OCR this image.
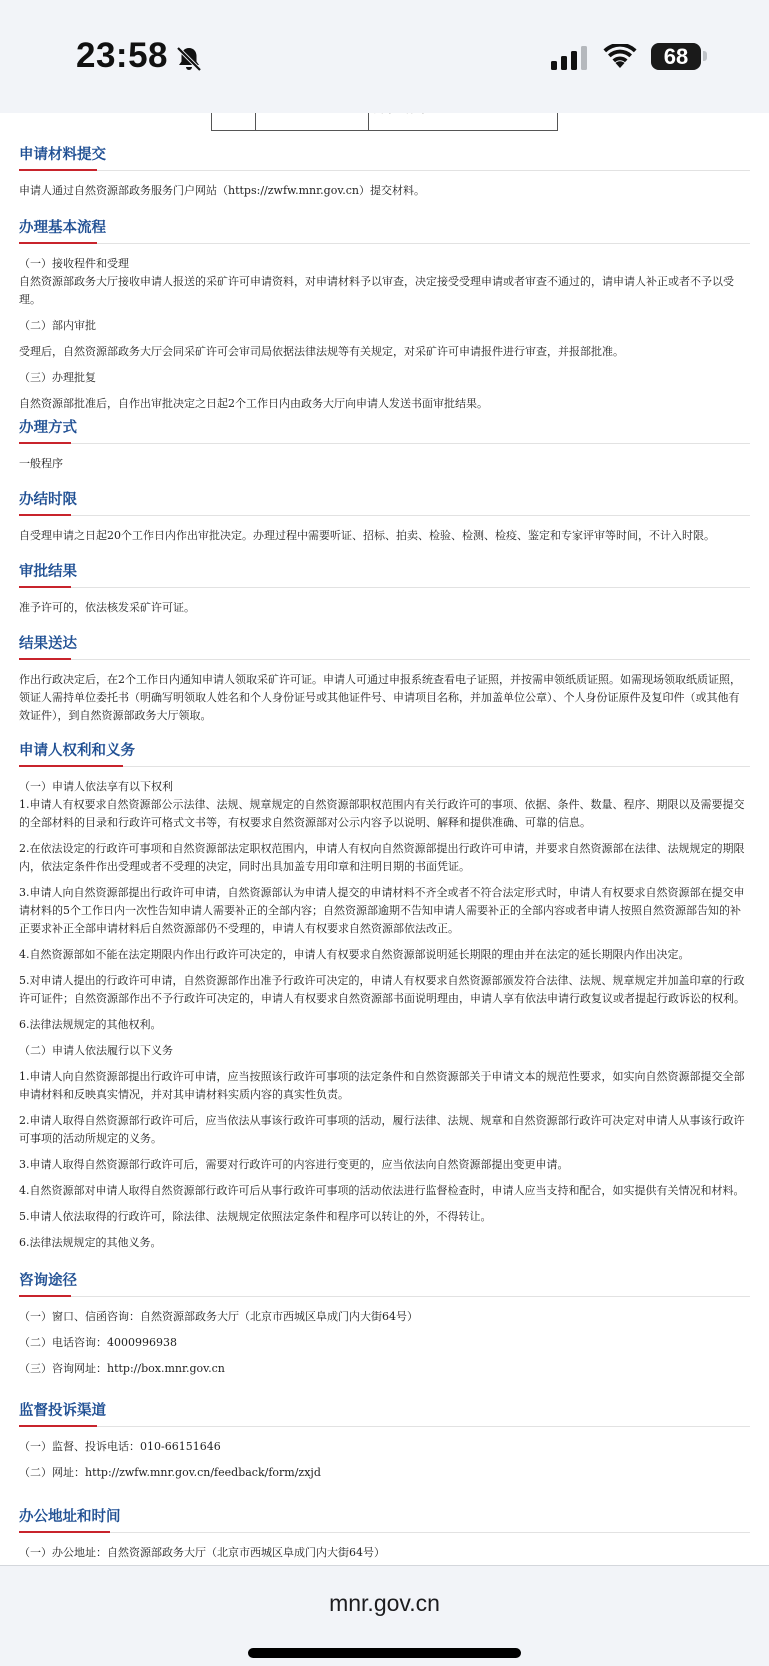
申请材料提交

申请人通过自然资源部政务服务门户网站（https://zwfw.mnr.gov.cn）提交材料。

办理基本流程

（一）接收程件和受理

自然资源部政务大厅接收申请人报送的采矿许可申请资料，对申请材料予以审查，决定接受受理申请或者审查不通过的，请申请人补正或者不予以受理。

（二）部内审批

受理后，自然资源部政务大厅会同采矿许可会审司局依据法律法规等有关规定，对采矿许可申请报件进行审查，并报部批准。

（三）办理批复

自然资源部批准后，自作出审批决定之日起2个工作日内由政务大厅向申请人发送书面审批结果。

办理方式

一般程序

办结时限

自受理申请之日起20个工作日内作出审批决定。办理过程中需要听证、招标、拍卖、检验、检测、检疫、鉴定和专家评审等时间，不计入时限。

审批结果

准予许可的，依法核发采矿许可证。

结果送达

作出行政决定后，在2个工作日内通知申请人领取采矿许可证。申请人可通过申报系统查看电子证照，并按需申领纸质证照。如需现场领取纸质证照，领证人需持单位委托书（明确写明领取人姓名和个人身份证号或其他证件号、申请项目名称，并加盖单位公章）、个人身份证原件及复印件（或其他有效证件），到自然资源部政务大厅领取。

申请人权利和义务

（一）申请人依法享有以下权利

1.申请人有权要求自然资源部公示法律、法规、规章规定的自然资源部职权范围内有关行政许可的事项、依据、条件、数量、程序、期限以及需要提交的全部材料的目录和行政许可格式文书等，有权要求自然资源部对公示内容予以说明、解释和提供准确、可靠的信息。

2.在依法设定的行政许可事项和自然资源部法定职权范围内，申请人有权向自然资源部提出行政许可申请，并要求自然资源部在法律、法规规定的期限内，依法定条件作出受理或者不受理的决定，同时出具加盖专用印章和注明日期的书面凭证。

3.申请人向自然资源部提出行政许可申请，自然资源部认为申请人提交的申请材料不齐全或者不符合法定形式时，申请人有权要求自然资源部在提交申请材料的5个工作日内一次性告知申请人需要补正的全部内容；自然资源部逾期不告知申请人需要补正的全部内容或者申请人按照自然资源部告知的补正要求补正全部申请材料后自然资源部仍不受理的，申请人有权要求自然资源部依法改正。

4.自然资源部如不能在法定期限内作出行政许可决定的，申请人有权要求自然资源部说明延长期限的理由并在法定的延长期限内作出决定。

5.对申请人提出的行政许可申请，自然资源部作出准予行政许可决定的，申请人有权要求自然资源部颁发符合法律、法规、规章规定并加盖印章的行政许可证件；自然资源部作出不予行政许可决定的，申请人有权要求自然资源部书面说明理由，申请人享有依法申请行政复议或者提起行政诉讼的权利。

6.法律法规规定的其他权利。

（二）申请人依法履行以下义务

1.申请人向自然资源部提出行政许可申请，应当按照该行政许可事项的法定条件和自然资源部关于申请文本的规范性要求，如实向自然资源部提交全部申请材料和反映真实情况，并对其申请材料实质内容的真实性负责。

2.申请人取得自然资源部行政许可后，应当依法从事该行政许可事项的活动，履行法律、法规、规章和自然资源部行政许可决定对申请人从事该行政许可事项的活动所规定的义务。

3.申请人取得自然资源部行政许可后，需要对行政许可的内容进行变更的，应当依法向自然资源部提出变更申请。

4.自然资源部对申请人取得自然资源部行政许可后从事行政许可事项的活动依法进行监督检查时，申请人应当支持和配合，如实提供有关情况和材料。

5.申请人依法取得的行政许可，除法律、法规规定依照法定条件和程序可以转让的外，不得转让。

6.法律法规规定的其他义务。

咨询途径

（一）窗口、信函咨询：自然资源部政务大厅（北京市西城区阜成门内大街64号）

（二）电话咨询：4000996938

（三）咨询网址：http://box.mnr.gov.cn

监督投诉渠道

（一）监督、投诉电话：010-66151646

（二）网址：http://zwfw.mnr.gov.cn/feedback/form/zxjd

办公地址和时间

（一）办公地址：自然资源部政务大厅（北京市西城区阜成门内大街64号）

23:58	68
mnr.gov.cn
